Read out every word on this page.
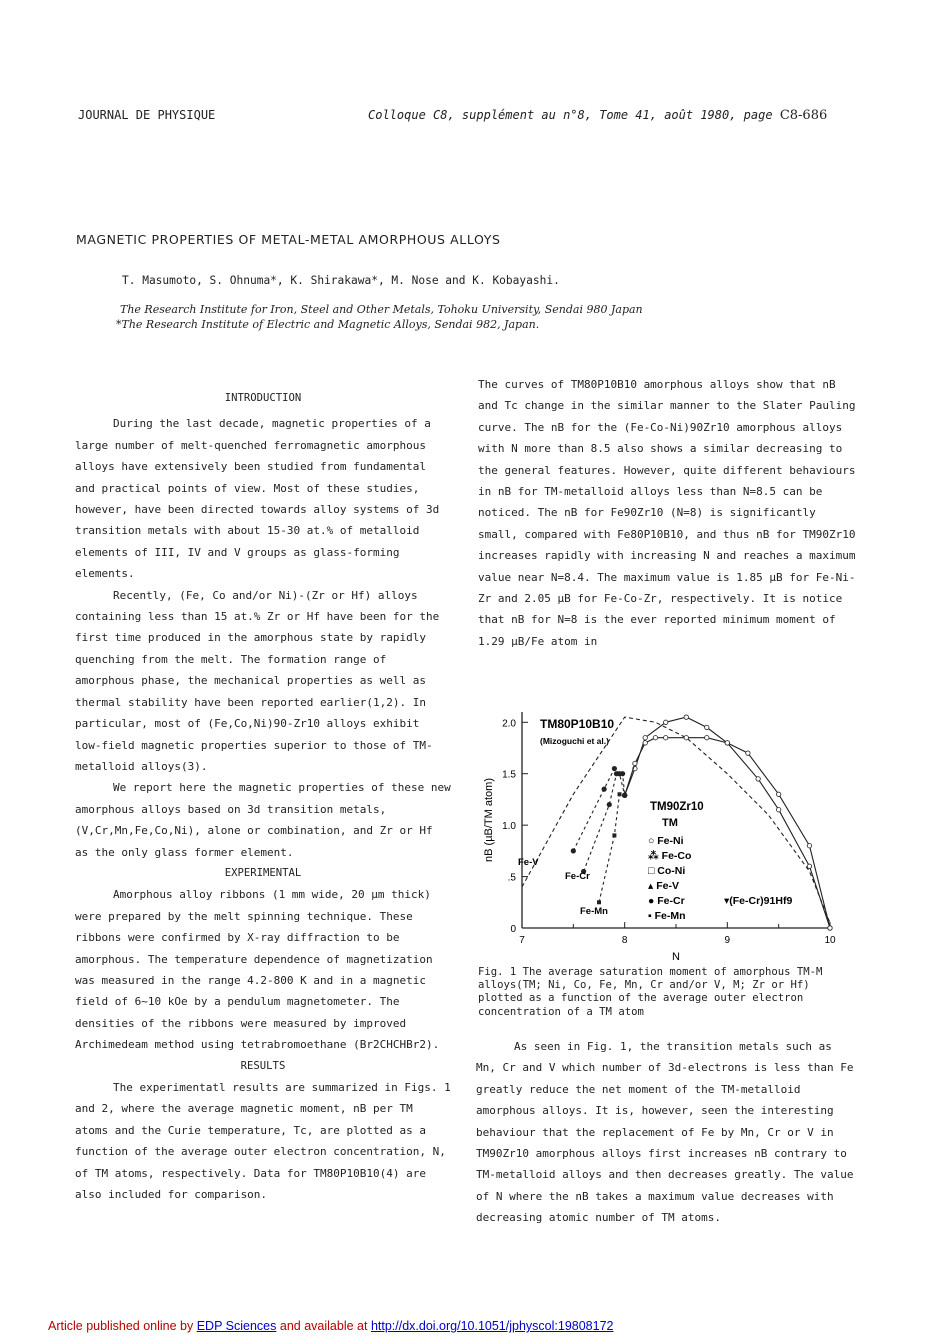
JOURNAL DE PHYSIQUE	Colloque C8, supplément au n°8, Tome 41, août 1980, page C8-686
MAGNETIC PROPERTIES OF METAL-METAL AMORPHOUS ALLOYS
T. Masumoto, S. Ohnuma*, K. Shirakawa*, M. Nose and K. Kobayashi.
The Research Institute for Iron, Steel and Other Metals, Tohoku University, Sendai 980 Japan
*The Research Institute of Electric and Magnetic Alloys, Sendai 982, Japan.

INTRODUCTION

During the last decade, magnetic properties of a large number of melt-quenched ferromagnetic amorphous alloys have extensively been studied from fundamental and practical points of view. Most of these studies, however, have been directed towards alloy systems of 3d transition metals with about 15-30 at.% of metalloid elements of III, IV and V groups as glass-forming elements.

Recently, (Fe, Co and/or Ni)-(Zr or Hf) alloys containing less than 15 at.% Zr or Hf have been for the first time produced in the amorphous state by rapidly quenching from the melt. The formation range of amorphous phase, the mechanical properties as well as thermal stability have been reported earlier(1,2). In particular, most of (Fe,Co,Ni)90-Zr10 alloys exhibit low-field magnetic properties superior to those of TM-metalloid alloys(3).

We report here the magnetic properties of these new amorphous alloys based on 3d transition metals, (V,Cr,Mn,Fe,Co,Ni), alone or combination, and Zr or Hf as the only glass former element.

EXPERIMENTAL

Amorphous alloy ribbons (1 mm wide, 20 µm thick) were prepared by the melt spinning technique. These ribbons were confirmed by X-ray diffraction to be amorphous. The temperature dependence of magnetization was measured in the range 4.2-800 K and in a magnetic field of 6~10 kOe by a pendulum magnetometer. The densities of the ribbons were measured by improved Archimedeam method using tetrabromoethane (Br2CHCHBr2).

RESULTS

The experimentatl results are summarized in Figs. 1 and 2, where the average magnetic moment, nB per TM atoms and the Curie temperature, Tc, are plotted as a function of the average outer electron concentration, N, of TM atoms, respectively. Data for TM80P10B10(4) are also included for comparison.

The curves of TM80P10B10 amorphous alloys show that nB and Tc change in the similar manner to the Slater Pauling curve. The nB for the (Fe-Co-Ni)90Zr10 amorphous alloys with N more than 8.5 also shows a similar decreasing to the general features. However, quite different behaviours in nB for TM-metalloid alloys less than N=8.5 can be noticed. The nB for Fe90Zr10 (N=8) is significantly small, compared with Fe80P10B10, and thus nB for TM90Zr10 increases rapidly with increasing N and reaches a maximum value near N=8.4. The maximum value is 1.85 µB for Fe-Ni-Zr and 2.05 µB for Fe-Co-Zr, respectively. It is notice that nB for N=8 is the ever reported minimum moment of 1.29 µB/Fe atom in

0
.5
1.0
1.5
2.0
7	8	9	10
N
nB (µB/TM atom)
TM80P10B10
(Mizoguchi et al.)
TM90Zr10
TM
○ Fe-Ni
⁂ Fe-Co
□ Co-Ni
▴ Fe-V
● Fe-Cr
▪ Fe-Mn
▾(Fe-Cr)91Hf9
Fe-V
Fe-Cr
Fe-Mn
Fig. 1 The average saturation moment of amorphous TM-M alloys(TM; Ni, Co, Fe, Mn, Cr and/or V, M; Zr or Hf) plotted as a function of the average outer electron concentration of a TM atom

As seen in Fig. 1, the transition metals such as Mn, Cr and V which number of 3d-electrons is less than Fe greatly reduce the net moment of the TM-metalloid amorphous alloys. It is, however, seen the interesting behaviour that the replacement of Fe by Mn, Cr or V in TM90Zr10 amorphous alloys first increases nB contrary to TM-metalloid alloys and then decreases greatly. The value of N where the nB takes a maximum value decreases with decreasing atomic number of TM atoms.

Article published online by EDP Sciences and available at http://dx.doi.org/10.1051/jphyscol:19808172
